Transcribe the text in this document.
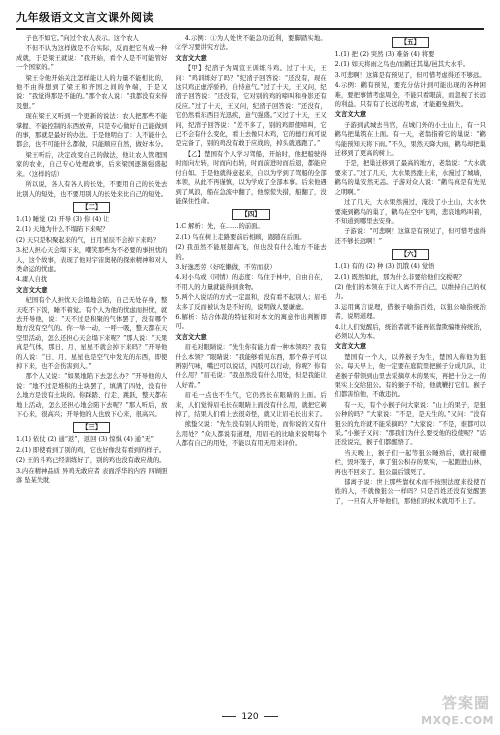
九年级语文文言文课外阅读

子也不如它。”向过个农人表示。这个农人

不但不认为这样做是不合实际，反而把它当成一种成就，于是梁王就说：“我开始，看个人是不可能管好一个国家的。”

梁王令他开始关注怎样能让人的力量不能相比的，他不由得想到了梁王和齐国之间的争端，于是又说：“我觉得那是不能的。”那个农人说：“我都没有来得及想。”

现在梁王又听到一个更新的说法：农人把那些不能掌握、不能控制的东西放弃，只是专心做好自己能做到的事，那就是最好的办法。于是他明白了：人不能什么都会，也不可能什么都做，只能顺应自然，做好本分。

梁王听后，决定改变自己的做法，他让农人管理国家的农业，自己专心处理政事，后来梁国逐渐强盛起来。（这样的话）

所以说，各人有各人的长处，不要用自己的长处去比别人的短处，也不要用别人的长处来比自己的短处。

【二】

1.(1) 睡觉 (2) 开导 (3) 你 (4) 让

2.(1) 天地为什么不塌陷下来呢？

(2) 天只是积聚起来的气，日月星辰不会掉下来吗？

3.杞人担心天会塌下来，嘲笑那些为不必要的事担忧的人，这个故事，表现了他对宇宙奥秘的探索精神和对人类命运的忧虑。

4.庸人自扰

文言文大意

杞国有个人担忧天会塌地会陷，自己无处存身，整天吃不下饭，睡不着觉。有个人为他的忧虑而担忧，就去开导他，说：“天不过是积聚的气体罢了，没有哪个地方没有空气的。你一举一动，一呼一吸，整天都在天空里活动，怎么还担心天会塌下来呢？”那人说：“天果真是气体，那日、月、星星不就会掉下来吗？”开导他的人说：“日、月、星星也是空气中发光的东西，即使掉下来，也不会伤害到人。”

那个人又说：“如果地陷下去怎么办？”开导他的人说：“地不过是堆积的土块罢了，填满了四处，没有什么地方是没有土块的。你踩踏、行走、跳跃，整天都在地上活动，怎么还担心地会陷下去呢？”那人听后，放下心来，很高兴；开导他的人也放下心来，很高兴。

【三】

1.(1) 依仗 (2) 通“返”，返回 (3) 惊惧 (4) 通“无”

2.(1) 即使看到了别的鸡，它也好像没有看到的样子。

(2) 王的斗鸡已经训练好了，别的鸡也没有敢应战的。

3.内在精神品质 异鸡无敢应者 表面浮华的内容 四顾胆落 坠某失眈

4.示例：①为人处世不能急功近利，要脚踏实地。②学习要讲究方法。

文言文大意

【甲】纪渻子为周宣王训练斗鸡。过了十天，王问：“鸡训练好了吗？”纪渻子回答说：“还没有，现在这只鸡正虚浮骄矜，自恃意气。”过了十天，王又问，纪渻子回答说：“还没有，它对别的鸡的啼叫和身影还有反应。”过了十天，王又问，纪渻子回答说：“还没有，它仍然看东西目光迅疾，意气强盛。”又过了十天，王又问，纪渻子回答说：“差不多了，别的鸡即使啼叫，它已不会有什么变化，看上去像只木鸡，它的德行真可说是完备了，别的鸡没有敢于应战的，掉头就逃跑了。”

【乙】楚国有个人学习驾船，开始时，他把船驶得时而向左转，时而向右转，时而前进时而后退，都能应付自如。于是他就得意起来，自以为学到了驾船的全部本领，从此不再谨慎，以为学成了全部本事。后来他遇到了风浪，船在急流中翻了，他惊慌失措，船翻了，没能保住性命。

【四】

1.C 解析：先，在……的前面。

2.(1) 鸟在树上走路要前后相顾，跟随在后面。

(2) 我虽然不能展翅高飞，但也没有什么地方不能去的。

3.好逸恶劳（好吃懒做，不劳而获）

4.对小鸟或（同情）的态度：鸟住于林中，自由自在，不用人的力量就能得到食物。

5.两个人说话的方式一定温和，没有看不起别人；眉毛太多了反而被认为是不好的，说明做人要谦虚。

6.解析：结合体裁的特征和对本文的寓意作出判断即可。

文言文大意

眉毛对眼睛说：“先生你有能力看一种本领吗？我有什么本领？”眼睛说：“我能够看见东西，那个鼻子可以辨别气味，嘴巴可以说话，四肢可以行动，你呢？你有什么用？”眉毛说：“我虽然没有什么用处，但是我能让人好看。”

眉毛一点也不生气，它仍然长在眼睛的上面。后来，人们觉得眉毛长在眼睛上面没有什么用，就把它剃掉了，结果人们看上去很奇怪，就又让眉毛长出来了。

熊蛰父说：“先生没有别人的用处，而你说的又有什么用处？”众人都说有道理，用眉毛的比喻来说明每个人都有自己的用处，不能以有用无用来评价。

【五】

1.(1) 把 (2) 突然 (3) 难备 (4) 将要

2.(1) 如天将雨之鸟也/而鹳迁其巢/邑其大水乎。

3.可悲啊！这算是有预见了，但可惜考虑得还不够远。

4.示例：鹳有预见，要充分估计到可能出现的各种困难，要把事情考虑周全，不能只看眼前，而忽视了长远的利益。只有有了长远的考虑，才能避免损失。

文言文大意

子游到武城去当官，在城门外的小土山上，有一只鹳鸟把巢筑在上面。有一天，老翁指着它的巢说：“鹳鸟能预知天将下雨。”不久，果然天降大雨，鹳鸟却把巢迁移到了更高的树上。

于是，把巢迁移到了最高的地方，老翁说：“大水就要来了。”过了几天，大水果然涨上来，水漫过了城墙，鹳鸟的巢安然无恙。子游对众人说：“鹳鸟真是有先见之明啊。”

过了几天，大水果然漫过，淹没了小土山，大水快要淹到鹳鸟的巢了，鹳鸟在空中飞鸣，悲哀地鸣叫着，不知道到哪里去安身。

子游说：“可悲啊！这算是有预见了，但可惜考虑得还不够长远啊！”

【六】

1.(1) 有的 (2) 种 (3) 饥饿 (4) 觉悟

2.(1) 既然如此，那为什么非要给他们交税呢？

(2) 他们的本领在于让人离不开自己，以维持自己的权力。

3.运用寓言说理，借猴子喻指百姓，以狙公喻指统治者，说明道理。

4.让人们觉醒后，统治者就不能再依靠欺骗维持统治，必须以人为本。

文言文大意

楚国有一个人，以养猴子为生，楚国人称他为狙公。每天早上，他一定要在庭院里把猴子分成几队，让老猴子带领到山里去采摘草木的果实，再把十分之一的果实上交给狙公。有的猴子不给，他就鞭打它们。猴子们都害怕他，不敢违抗。

有一天，有个小猴子问大家说：“山上的果子，是狙公种的吗？”大家说：“不是，是天生的。”又问：“没有狙公的允许就不能采摘吗？”大家说：“不是，谁都可以采。”小猴子又问：“那我们为什么要受他的役使呢？”话还没说完，猴子们都醒悟了。

当天晚上，猴子们一起等狙公睡熟后，就打破栅栏，毁坏笼子，拿了狙公积存的果实，一起跑进山林，再也不回来了。狙公最后饿死了。

郁离子说：世上那些靠权术而不按照法度来役使百姓的人，不就像狙公一样吗？只是百姓还没有觉醒罢了，一旦有人开导他们，那他们的权术就用不上了。

120
答案圈
MXQE.COM
